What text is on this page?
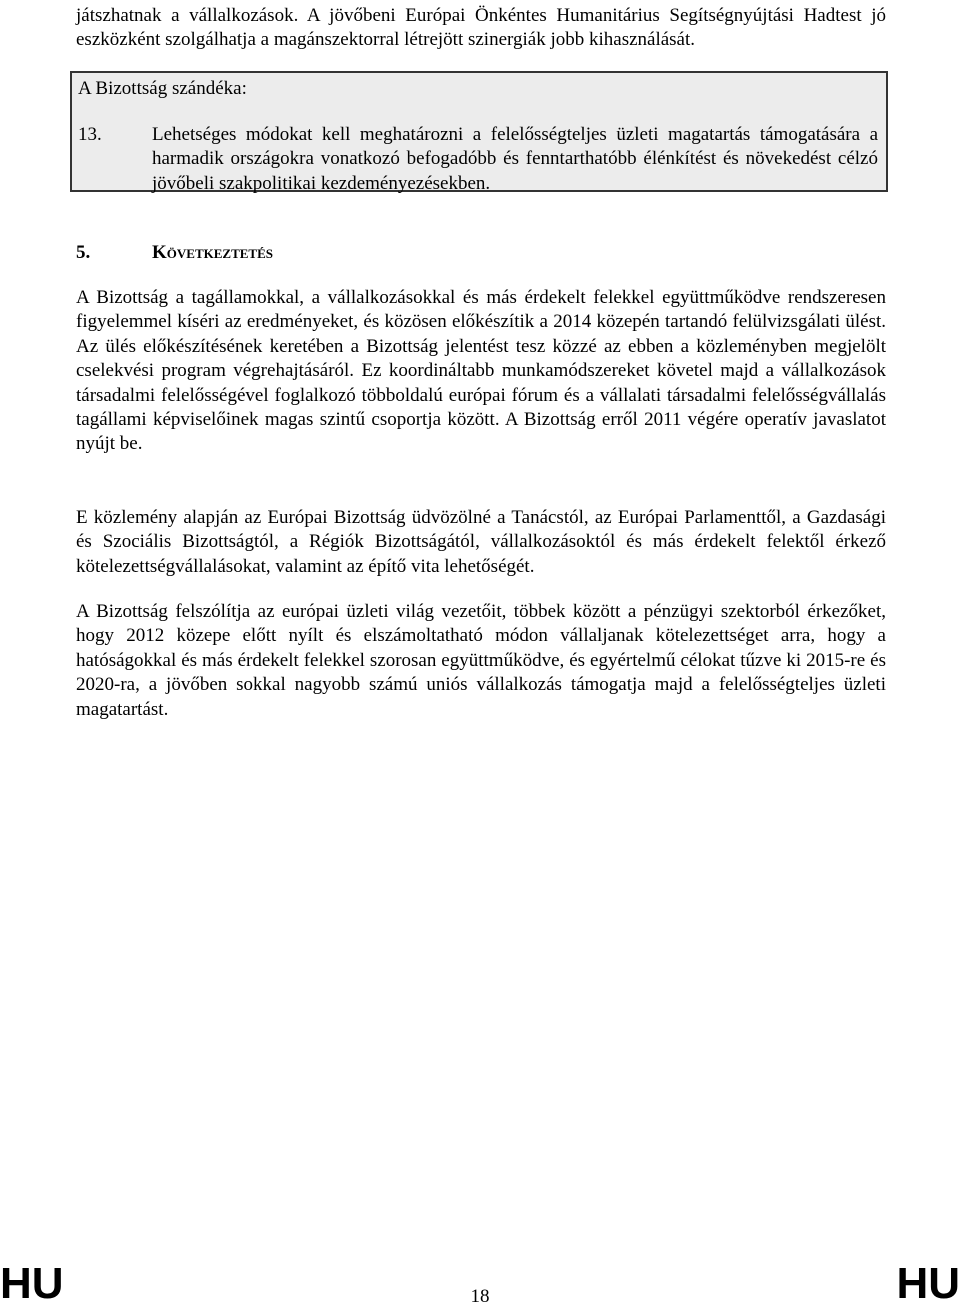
játszhatnak a vállalkozások. A jövőbeni Európai Önkéntes Humanitárius Segítségnyújtási Hadtest jó eszközként szolgálhatja a magánszektorral létrejött szinergiák jobb kihasználását.

A Bizottság szándéka:

13.	Lehetséges módokat kell meghatározni a felelősségteljes üzleti magatartás támogatására a harmadik országokra vonatkozó befogadóbb és fenntarthatóbb élénkítést és növekedést célzó jövőbeli szakpolitikai kezdeményezésekben.

5.	Következtetés

A Bizottság a tagállamokkal, a vállalkozásokkal és más érdekelt felekkel együttműködve rendszeresen figyelemmel kíséri az eredményeket, és közösen előkészítik a 2014 közepén tartandó felülvizsgálati ülést. Az ülés előkészítésének keretében a Bizottság jelentést tesz közzé az ebben a közleményben megjelölt cselekvési program végrehajtásáról. Ez koordináltabb munkamódszereket követel majd a vállalkozások társadalmi felelősségével foglalkozó többoldalú európai fórum és a vállalati társadalmi felelősségvállalás tagállami képviselőinek magas szintű csoportja között. A Bizottság erről 2011 végére operatív javaslatot nyújt be.

E közlemény alapján az Európai Bizottság üdvözölné a Tanácstól, az Európai Parlamenttől, a Gazdasági és Szociális Bizottságtól, a Régiók Bizottságától, vállalkozásoktól és más érdekelt felektől érkező kötelezettségvállalásokat, valamint az építő vita lehetőségét.

A Bizottság felszólítja az európai üzleti világ vezetőit, többek között a pénzügyi szektorból érkezőket, hogy 2012 közepe előtt nyílt és elszámoltatható módon vállaljanak kötelezettséget arra, hogy a hatóságokkal és más érdekelt felekkel szorosan együttműködve, és egyértelmű célokat tűzve ki 2015-re és 2020-ra, a jövőben sokkal nagyobb számú uniós vállalkozás támogatja majd a felelősségteljes üzleti magatartást.

HU	18	HU
